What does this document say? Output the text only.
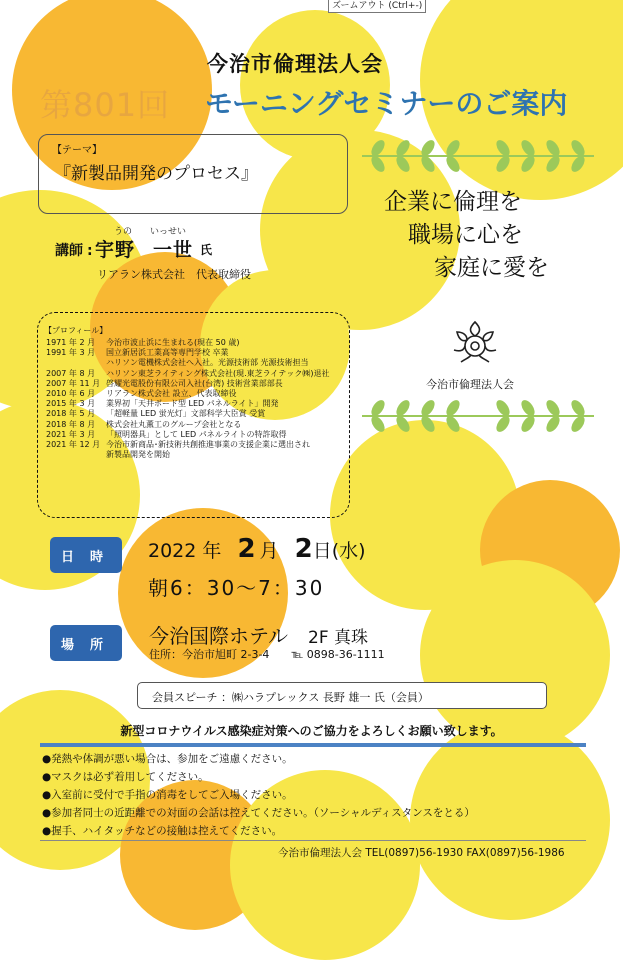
ズームアウト (Ctrl+-)
今治市倫理法人会
第801回 モーニングセミナーのご案内
【テーマ】
『新製品開発のプロセス』
うの いっせい
講師 : 宇野 一世 氏
リアラン株式会社　代表取締役
【プロフィール】
1971 年 2 月	今治市波止浜に生まれる(現在 50 歳)
1991 年 3 月	国立新居浜工業高等専門学校 卒業
ハリソン電機株式会社へ入社。光源技術部 光源技術担当
2007 年 8 月	ハリソン東芝ライティング株式会社(現.東芝ライテック㈱)退社
2007 年 11 月 啓耀光電股份有限公司入社(台湾) 技術営業部部長
2010 年 6 月	リアラン株式会社 設立、代表取締役
2015 年 3 月	業界初「天井ボード型 LED パネルライト」開発
2018 年 5 月	「超軽量 LED 蛍光灯」文部科学大臣賞 受賞
2018 年 8 月	株式会社丸薫工のグループ会社となる
2021 年 3 月	「照明器具」として LED パネルライトの特許取得
2021 年 12 月 今治市新商品･新技術共創推進事業の支援企業に選出され
新製品開発を開始
企業に倫理を
職場に心を
家庭に愛を
今治市倫理法人会
日時 2022 年 2 月 2日(水)
朝6：30～7：30
場所 今治国際ホテル 2F 真珠
住所：今治市旭町 2-3-4 ℡ 0898-36-1111
会員スピーチ ：㈱ハラプレックス 長野 雄一 氏（会員）
新型コロナウイルス感染症対策へのご協力をよろしくお願い致します。
●発熱や体調が悪い場合は、参加をご遠慮ください。
●マスクは必ず着用してください。
●入室前に受付で手指の消毒をしてご入場ください。
●参加者同士の近距離での対面の会話は控えてください。（ソーシャルディスタンスをとる）
●握手、ハイタッチなどの接触は控えてください。
今治市倫理法人会 TEL(0897)56-1930 FAX(0897)56-1986
